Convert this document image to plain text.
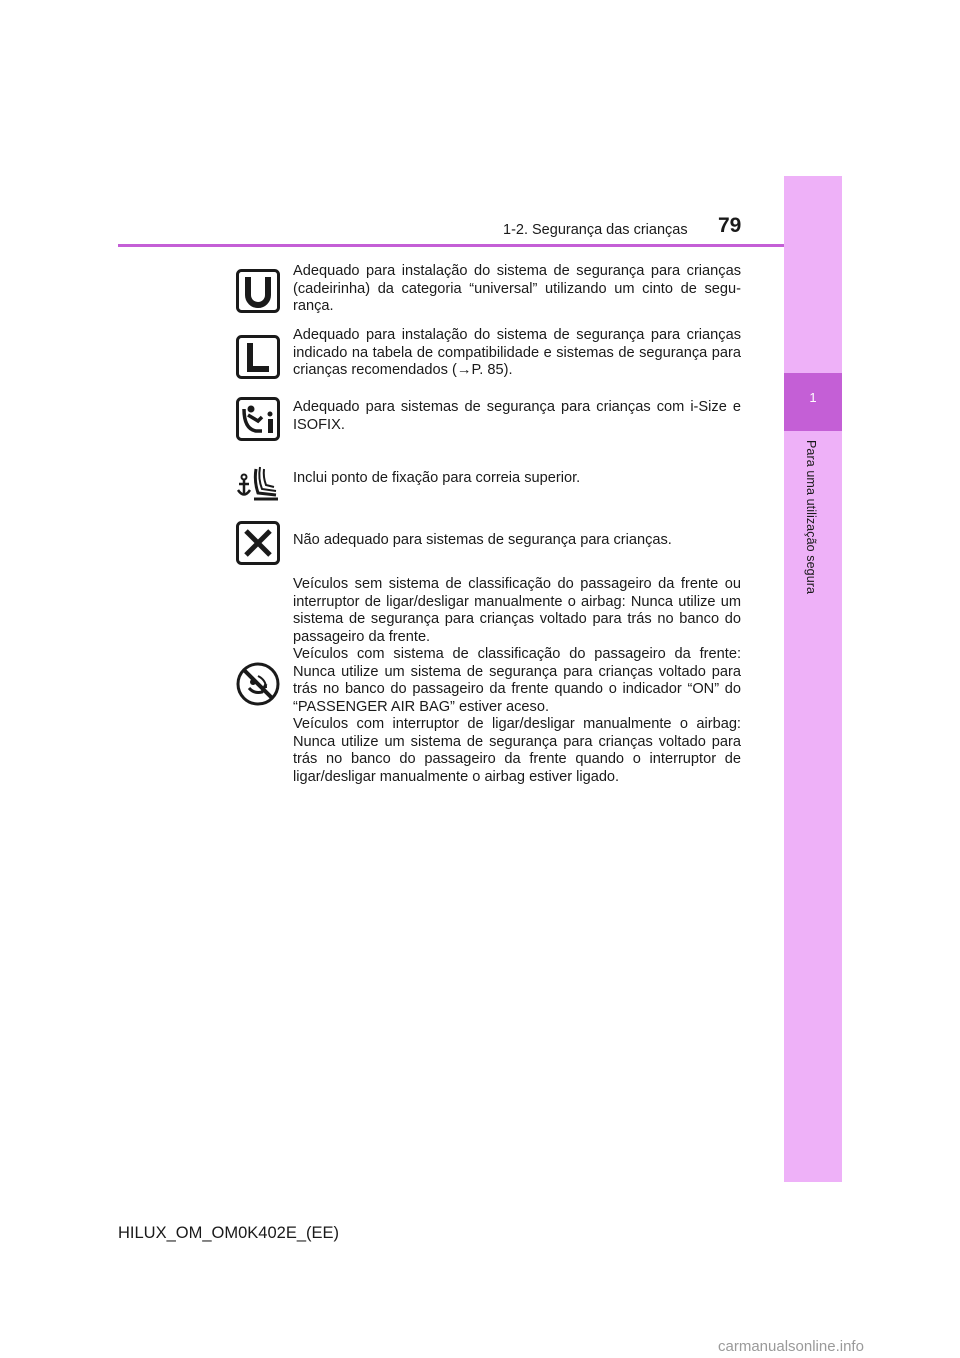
1
Para uma utilização segura
1-2. Segurança das crianças 79

Adequado para instalação do sistema de segurança para crianças (cadeirinha) da categoria “universal” utilizando um cinto de segurança.

Adequado para instalação do sistema de segurança para crianças indicado na tabela de compatibilidade e sistemas de segurança para crianças recomendados (→P. 85).

Adequado para sistemas de segurança para crianças com i-Size e ISOFIX.

Inclui ponto de fixação para correia superior.

Não adequado para sistemas de segurança para crianças.

Veículos sem sistema de classificação do passageiro da frente ou interruptor de ligar/desligar manualmente o airbag: Nunca utilize um sistema de segurança para crianças voltado para trás no banco do passageiro da frente.
Veículos com sistema de classificação do passageiro da frente: Nunca utilize um sistema de segurança para crianças voltado para trás no banco do passageiro da frente quando o indicador “ON” do “PASSENGER AIR BAG” estiver aceso.
Veículos com interruptor de ligar/desligar manualmente o airbag: Nunca utilize um sistema de segurança para crianças voltado para trás no banco do passageiro da frente quando o interruptor de ligar/desligar manualmente o airbag estiver ligado.

HILUX_OM_OM0K402E_(EE)
carmanualsonline.info
